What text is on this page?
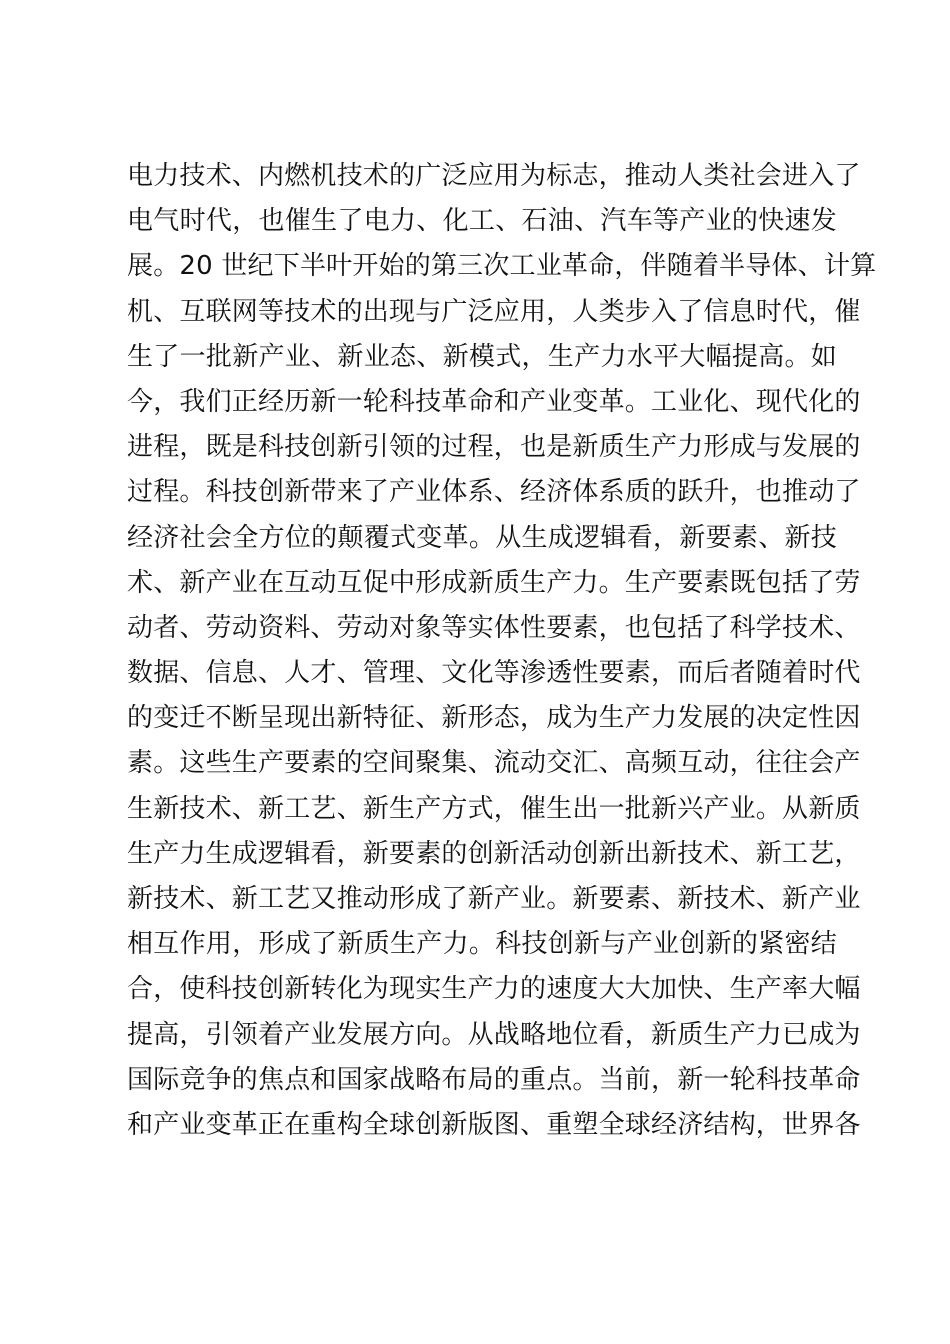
电力技术、内燃机技术的广泛应用为标志，推动人类社会进入了
电气时代，也催生了电力、化工、石油、汽车等产业的快速发
展。20 世纪下半叶开始的第三次工业革命，伴随着半导体、计算
机、互联网等技术的出现与广泛应用，人类步入了信息时代，催
生了一批新产业、新业态、新模式，生产力水平大幅提高。如
今，我们正经历新一轮科技革命和产业变革。工业化、现代化的
进程，既是科技创新引领的过程，也是新质生产力形成与发展的
过程。科技创新带来了产业体系、经济体系质的跃升，也推动了
经济社会全方位的颠覆式变革。从生成逻辑看，新要素、新技
术、新产业在互动互促中形成新质生产力。生产要素既包括了劳
动者、劳动资料、劳动对象等实体性要素，也包括了科学技术、
数据、信息、人才、管理、文化等渗透性要素，而后者随着时代
的变迁不断呈现出新特征、新形态，成为生产力发展的决定性因
素。这些生产要素的空间聚集、流动交汇、高频互动，往往会产
生新技术、新工艺、新生产方式，催生出一批新兴产业。从新质
生产力生成逻辑看，新要素的创新活动创新出新技术、新工艺，
新技术、新工艺又推动形成了新产业。新要素、新技术、新产业
相互作用，形成了新质生产力。科技创新与产业创新的紧密结
合，使科技创新转化为现实生产力的速度大大加快、生产率大幅
提高，引领着产业发展方向。从战略地位看，新质生产力已成为
国际竞争的焦点和国家战略布局的重点。当前，新一轮科技革命
和产业变革正在重构全球创新版图、重塑全球经济结构，世界各
